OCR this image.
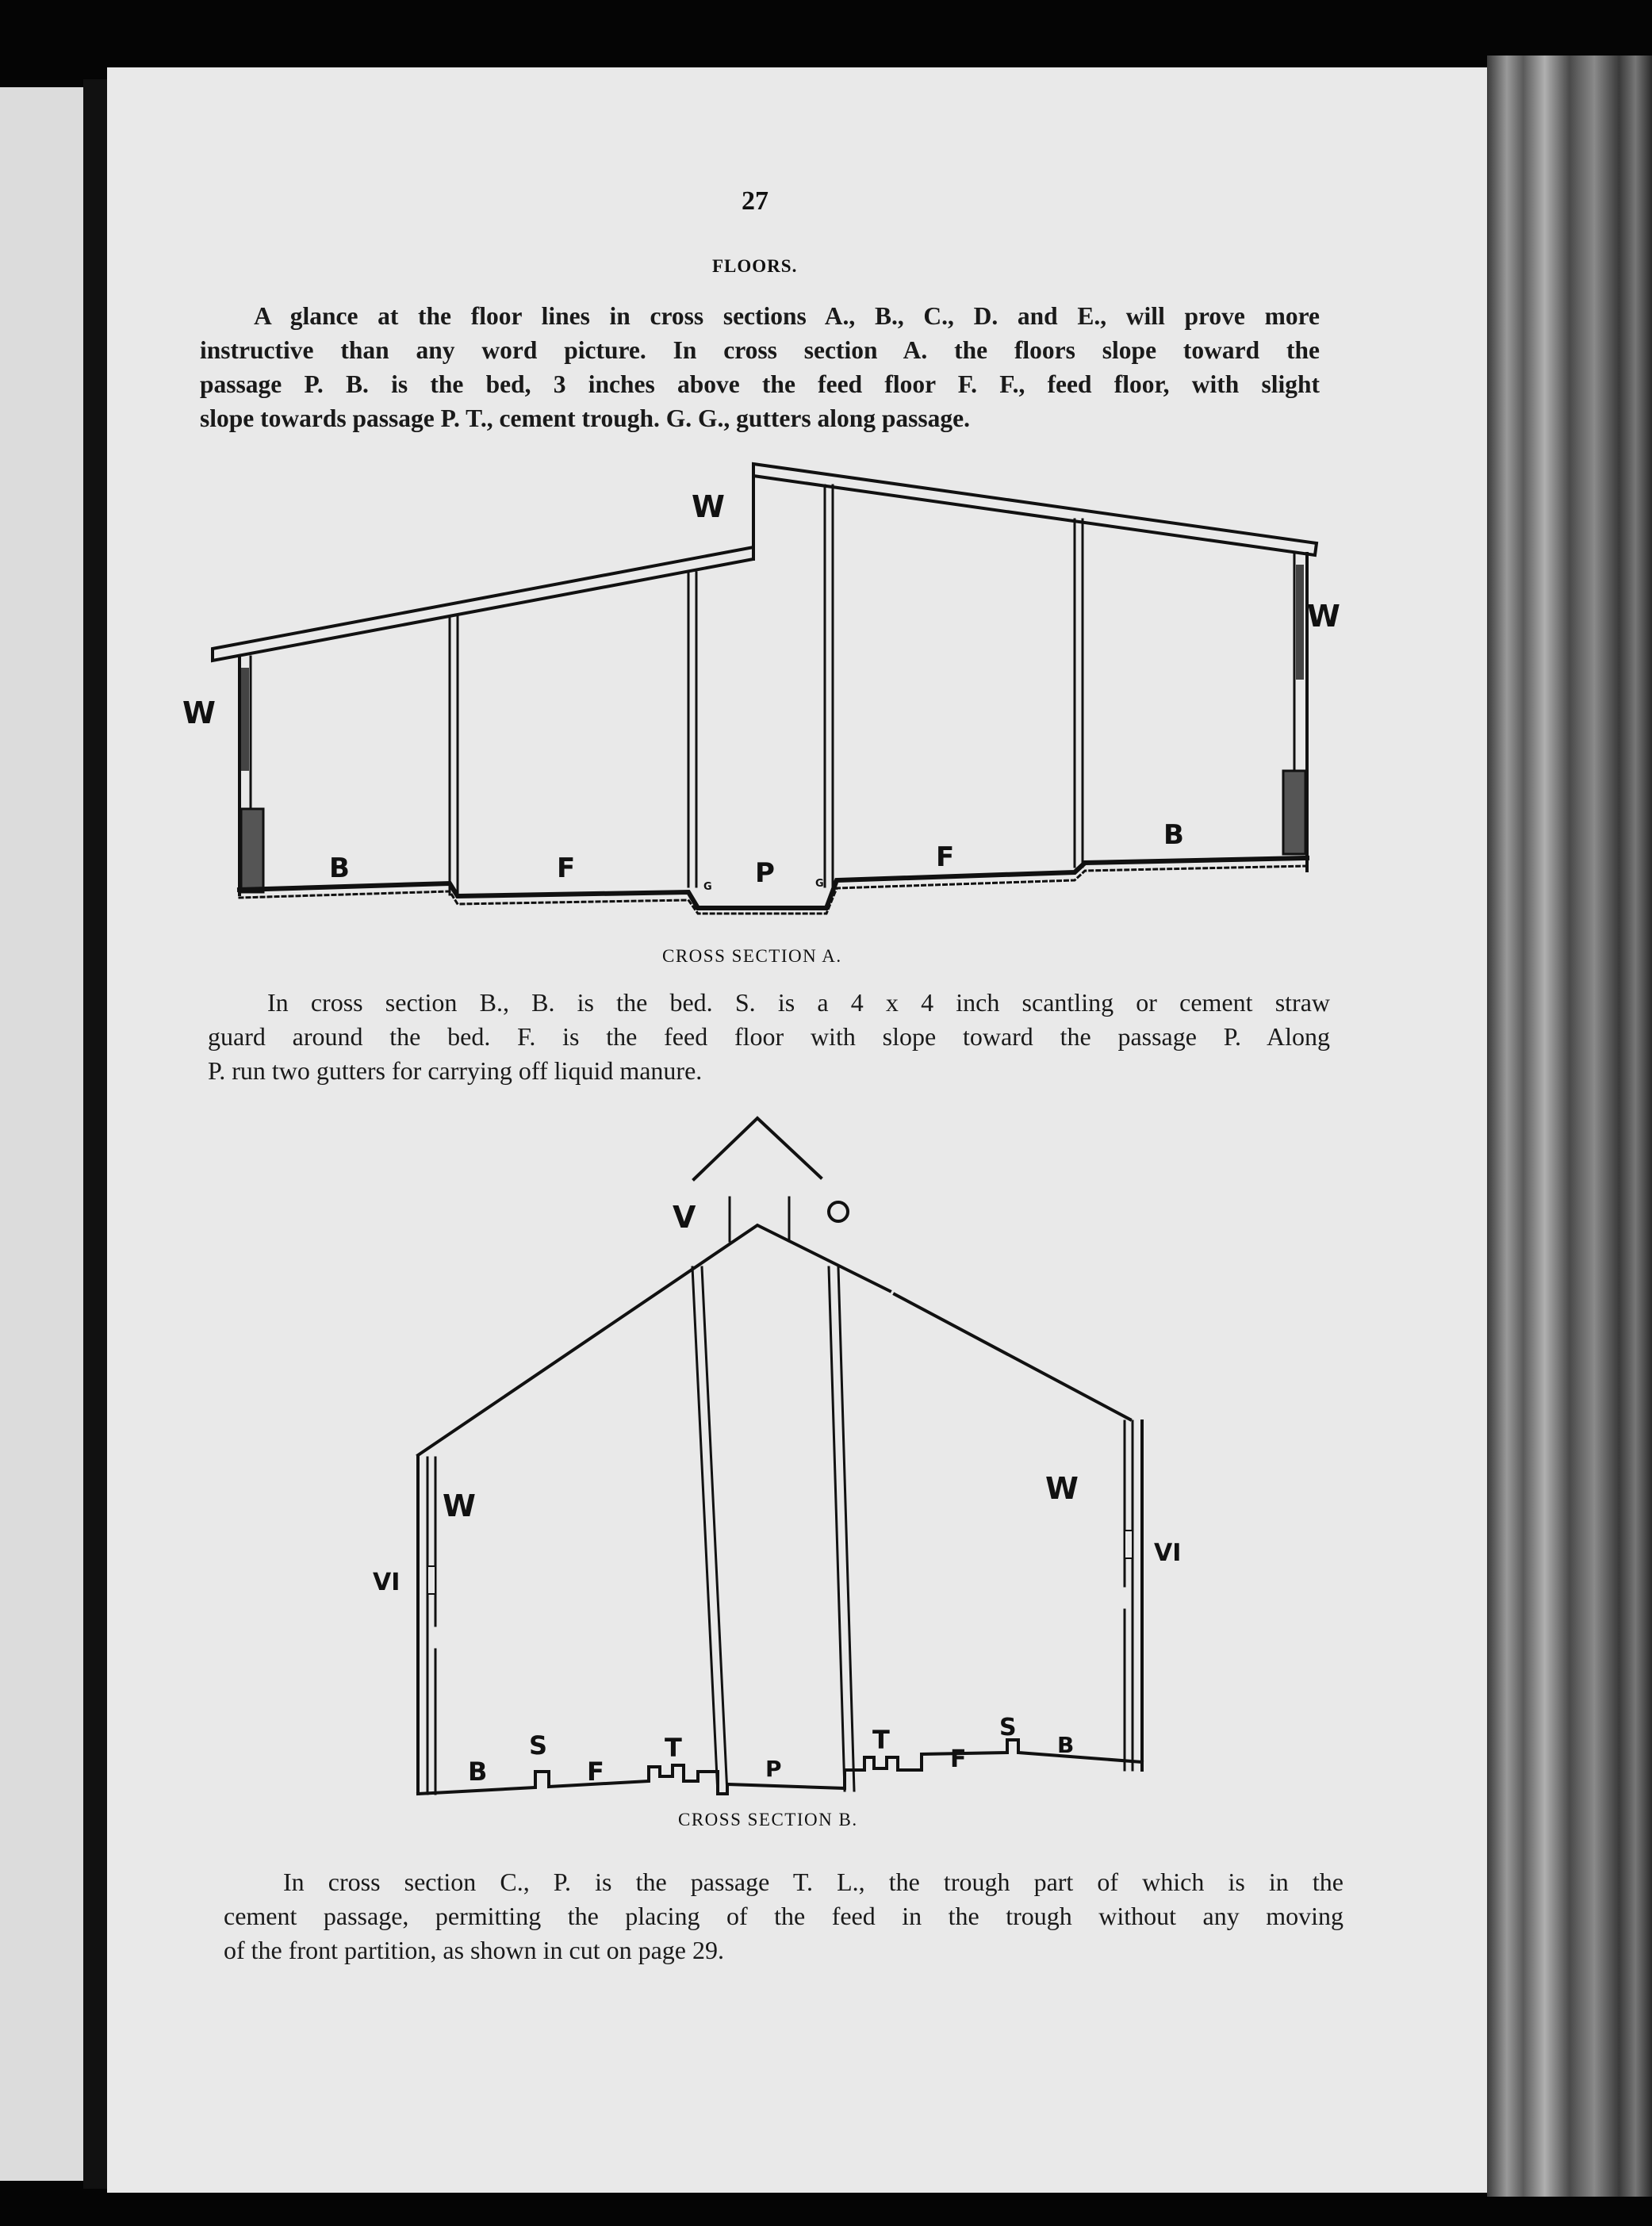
27
FLOORS.

A glance at the floor lines in cross sections A., B., C., D. and E., will prove more
instructive than any word picture. In cross section A. the floors slope toward the
passage P. B. is the bed, 3 inches above the feed floor F. F., feed floor, with slight
slope towards passage P. T., cement trough. G. G., gutters along passage.

W
W
W
B	F
G P	G
F
B
CROSS SECTION A.

In cross section B., B. is the bed. S. is a 4 x 4 inch scantling or cement straw
guard around the bed. F. is the feed floor with slope toward the passage P. Along
P. run two gutters for carrying off liquid manure.

V	O
W	W
VI
VI
B
S
F
T
P
T
F
S
B
CROSS SECTION B.

In cross section C., P. is the passage T. L., the trough part of which is in the
cement passage, permitting the placing of the feed in the trough without any moving
of the front partition, as shown in cut on page 29.
